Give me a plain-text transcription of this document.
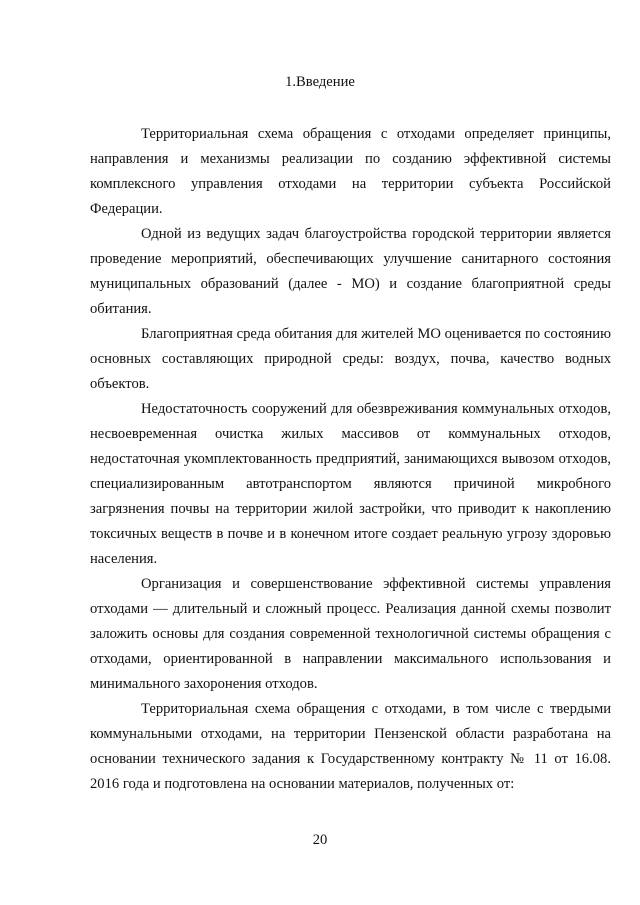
1.Введение

Территориальная схема обращения с отходами определяет принципы, направления и механизмы реализации по созданию эффективной системы комплексного управления отходами на территории субъекта Российской Федерации.

Одной из ведущих задач благоустройства городской территории является проведение мероприятий, обеспечивающих улучшение санитарного состояния муниципальных образований (далее - МО) и создание благоприятной среды обитания.

Благоприятная среда обитания для жителей МО оценивается по состоянию основных составляющих природной среды: воздух, почва, качество водных объектов.

Недостаточность сооружений для обезвреживания коммунальных отходов, несвоевременная очистка жилых массивов от коммунальных отходов, недостаточная укомплектованность предприятий, занимающихся вывозом отходов, специализированным автотранспортом являются причиной микробного загрязнения почвы на территории жилой застройки, что приводит к накоплению токсичных веществ в почве и в конечном итоге создает реальную угрозу здоровью населения.

Организация и совершенствование эффективной системы управления отходами — длительный и сложный процесс. Реализация данной схемы позволит заложить основы для создания современной технологичной системы обращения с отходами, ориентированной в направлении максимального использования и минимального захоронения отходов.

Территориальная схема обращения с отходами, в том числе с твердыми коммунальными отходами, на территории Пензенской области разработана на основании технического задания к Государственному контракту № 11 от 16.08. 2016 года и подготовлена на основании материалов, полученных от:

20
